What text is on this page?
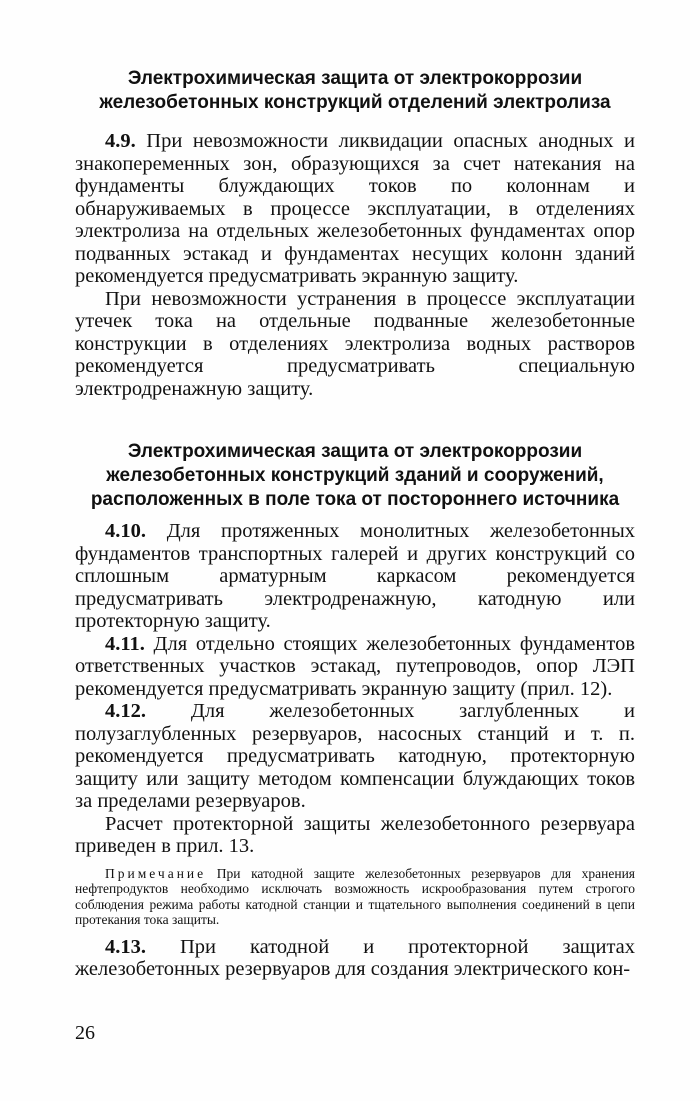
Электрохимическая защита от электрокоррозии
железобетонных конструкций отделений электролиза

4.9. При невозможности ликвидации опасных анодных и знакопеременных зон, образующихся за счет натекания на фундаменты блуждающих токов по колоннам и обнаруживаемых в процессе эксплуатации, в отделениях электролиза на отдельных железобетонных фундаментах опор подванных эстакад и фундаментах несущих колонн зданий рекомендуется предусматривать экранную защиту.

При невозможности устранения в процессе эксплуатации утечек тока на отдельные подванные железобетонные конструкции в отделениях электролиза водных растворов рекомендуется предусматривать специальную электродренажную защиту.

Электрохимическая защита от электрокоррозии
железобетонных конструкций зданий и сооружений,
расположенных в поле тока от постороннего источника

4.10. Для протяженных монолитных железобетонных фундаментов транспортных галерей и других конструкций со сплошным арматурным каркасом рекомендуется предусматривать электродренажную, катодную или протекторную защиту.

4.11. Для отдельно стоящих железобетонных фундаментов ответственных участков эстакад, путепроводов, опор ЛЭП рекомендуется предусматривать экранную защиту (прил. 12).

4.12. Для железобетонных заглубленных и полузаглубленных резервуаров, насосных станций и т. п. рекомендуется предусматривать катодную, протекторную защиту или защиту методом компенсации блуждающих токов за пределами резервуаров.

Расчет протекторной защиты железобетонного резервуара приведен в прил. 13.

Примечание При катодной защите железобетонных резервуаров для хранения нефтепродуктов необходимо исключать возможность искрообразования путем строгого соблюдения режима работы катодной станции и тщательного выполнения соединений в цепи протекания тока защиты.

4.13. При катодной и протекторной защитах железобетонных резервуаров для создания электрического кон-

26
